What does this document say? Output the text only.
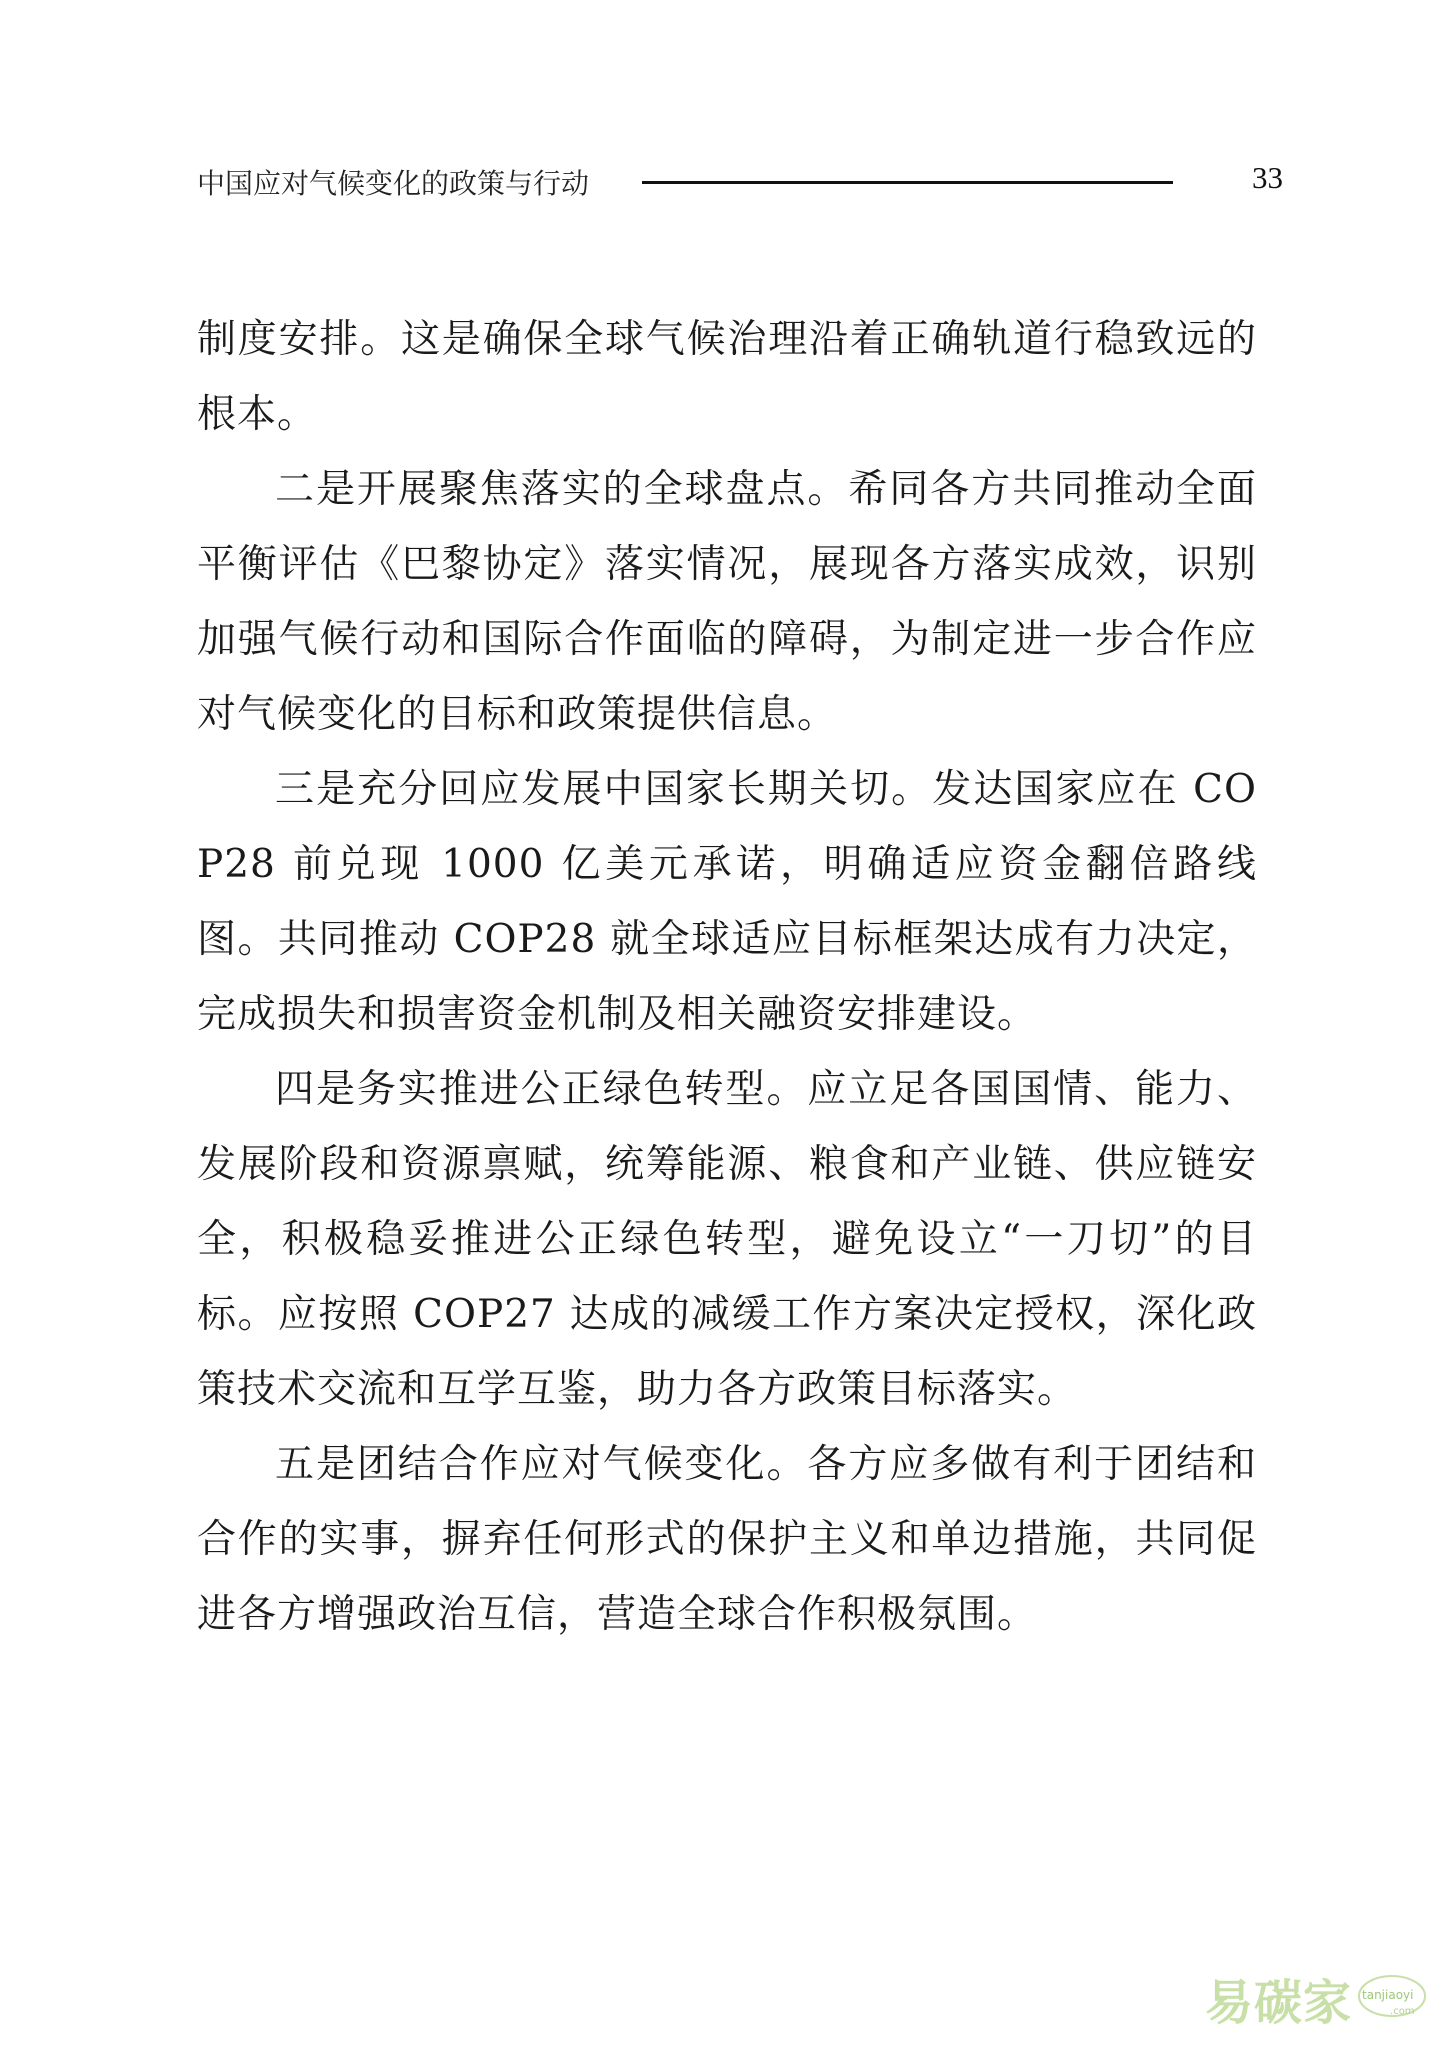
中国应对气候变化的政策与行动	33

制度安排。这是确保全球气候治理沿着正确轨道行稳致远的根本。

二是开展聚焦落实的全球盘点。希同各方共同推动全面平衡评估《巴黎协定》落实情况，展现各方落实成效，识别加强气候行动和国际合作面临的障碍，为制定进一步合作应对气候变化的目标和政策提供信息。

三是充分回应发展中国家长期关切。发达国家应在 COP28 前兑现 1000 亿美元承诺，明确适应资金翻倍路线图。共同推动 COP28 就全球适应目标框架达成有力决定，完成损失和损害资金机制及相关融资安排建设。

四是务实推进公正绿色转型。应立足各国国情、能力、发展阶段和资源禀赋，统筹能源、粮食和产业链、供应链安全，积极稳妥推进公正绿色转型，避免设立“一刀切”的目标。应按照 COP27 达成的减缓工作方案决定授权，深化政策技术交流和互学互鉴，助力各方政策目标落实。

五是团结合作应对气候变化。各方应多做有利于团结和合作的实事，摒弃任何形式的保护主义和单边措施，共同促进各方增强政治互信，营造全球合作积极氛围。

易碳家 tanjiaoyi
.com
